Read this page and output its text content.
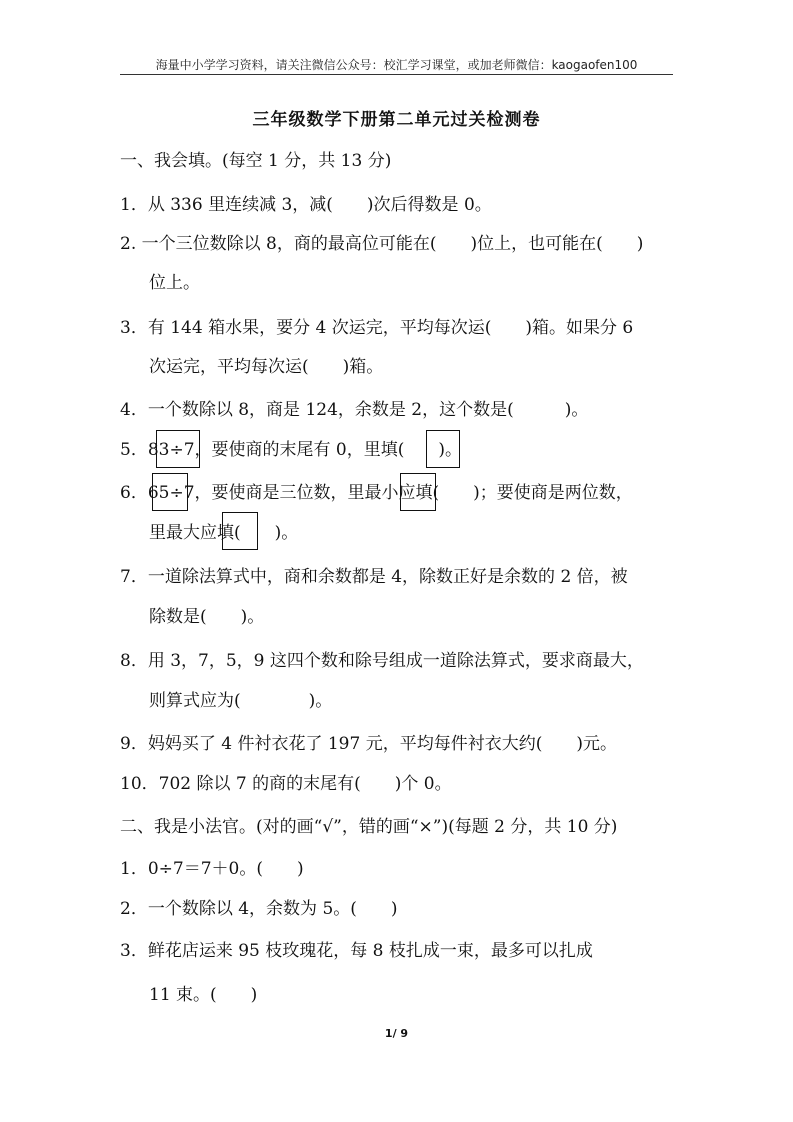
海量中小学学习资料，请关注微信公众号：校汇学习课堂，或加老师微信：kaogaofen100
三年级数学下册第二单元过关检测卷
一、我会填。(每空 1 分，共 13 分)
1．从 336 里连续减 3，减(　　)次后得数是 0。
2. 一个三位数除以 8，商的最高位可能在(　　)位上，也可能在(　　)
位上。
3．有 144 箱水果，要分 4 次运完，平均每次运(　　)箱。如果分 6
次运完，平均每次运(　　)箱。
4．一个数除以 8，商是 124，余数是 2，这个数是(　　　)。
5．83÷7，要使商的末尾有 0，里填(　　)。
6．65÷7，要使商是三位数，里最小应填(　　)；要使商是两位数，
里最大应填(　　)。
7．一道除法算式中，商和余数都是 4，除数正好是余数的 2 倍，被
除数是(　　)。
8．用 3，7，5，9 这四个数和除号组成一道除法算式，要求商最大，
则算式应为(　　　　)。
9．妈妈买了 4 件衬衣花了 197 元，平均每件衬衣大约(　　)元。
10．702 除以 7 的商的末尾有(　　)个 0。
二、我是小法官。(对的画“√”，错的画“×”)(每题 2 分，共 10 分)
1．0÷7＝7＋0。(　　)
2．一个数除以 4，余数为 5。(　　)
3．鲜花店运来 95 枝玫瑰花，每 8 枝扎成一束，最多可以扎成
11 束。(　　)
1/ 9
